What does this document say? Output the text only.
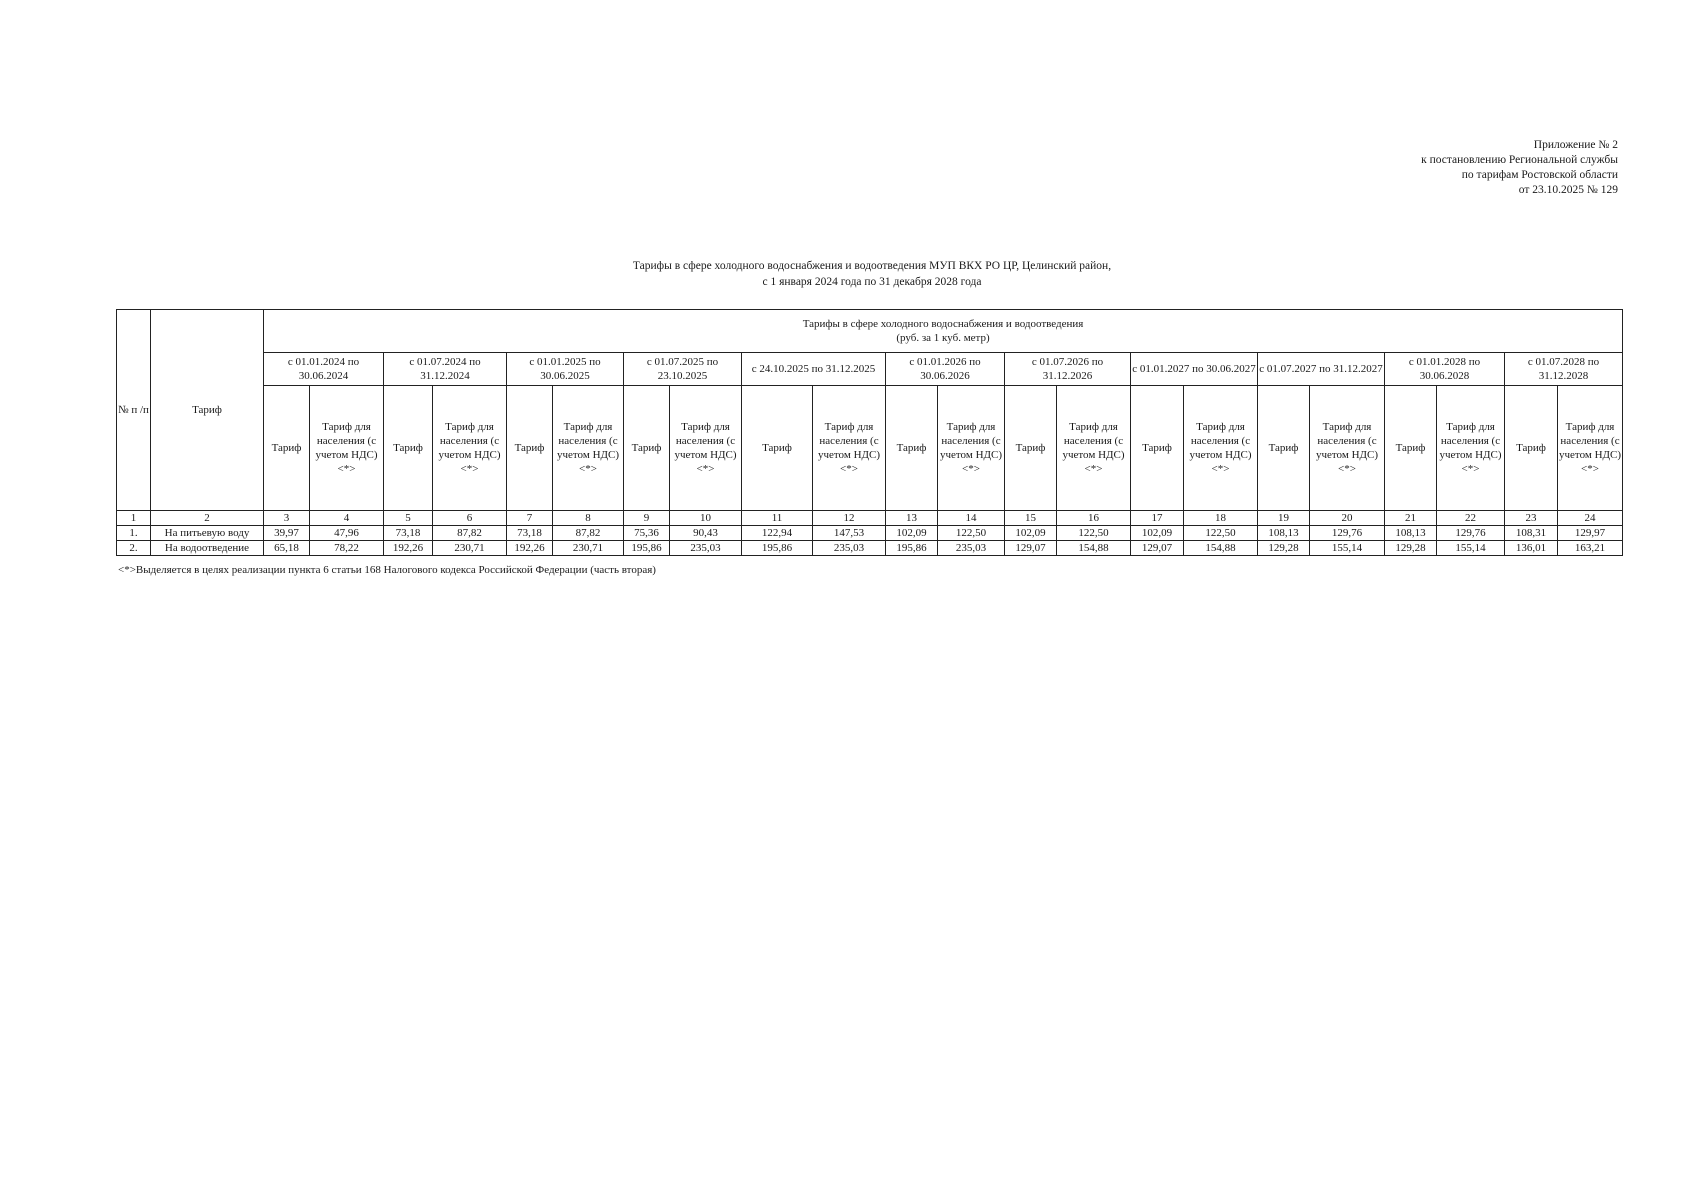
Приложение № 2
к постановлению Региональной службы
по тарифам Ростовской области
от 23.10.2025 № 129
Тарифы в сфере холодного водоснабжения и водоотведения МУП ВКХ РО ЦР, Целинский район,
с 1 января 2024 года по 31 декабря 2028 года
№ п /п	Тариф	Тарифы в сфере холодного водоснабжения и водоотведения
(руб. за 1 куб. метр)																					

		с 01.01.2024 по 30.06.2024		с 01.07.2024 по 31.12.2024		с 01.01.2025 по 30.06.2025		с 01.07.2025 по 23.10.2025		с 24.10.2025 по 31.12.2025		с 01.01.2026 по 30.06.2026		с 01.07.2026 по 31.12.2026		с 01.01.2027 по 30.06.2027		с 01.07.2027 по 31.12.2027		с 01.01.2028 по 30.06.2028		с 01.07.2028 по 31.12.2028	
		Тариф	Тариф для населения (с учетом НДС) <*>	Тариф	Тариф для населения (с учетом НДС) <*>	Тариф	Тариф для населения (с учетом НДС) <*>	Тариф	Тариф для населения (с учетом НДС) <*>	Тариф	Тариф для населения (с учетом НДС) <*>	Тариф	Тариф для населения (с учетом НДС) <*>	Тариф	Тариф для населения (с учетом НДС) <*>	Тариф	Тариф для населения (с учетом НДС) <*>	Тариф	Тариф для населения (с учетом НДС) <*>	Тариф	Тариф для населения (с учетом НДС) <*>	Тариф	Тариф для населения (с учетом НДС) <*>
1	2	3	4	5	6	7	8	9	10	11	12	13	14	15	16	17	18	19	20	21	22	23	24
1.	На питьевую воду	39,97	47,96	73,18	87,82	73,18	87,82	75,36	90,43	122,94	147,53	102,09	122,50	102,09	122,50	102,09	122,50	108,13	129,76	108,13	129,76	108,31	129,97
2.	На водоотведение	65,18	78,22	192,26	230,71	192,26	230,71	195,86	235,03	195,86	235,03	195,86	235,03	129,07	154,88	129,07	154,88	129,28	155,14	129,28	155,14	136,01	163,21
<*>Выделяется в целях реализации пункта 6 статьи 168 Налогового кодекса Российской Федерации (часть вторая)
